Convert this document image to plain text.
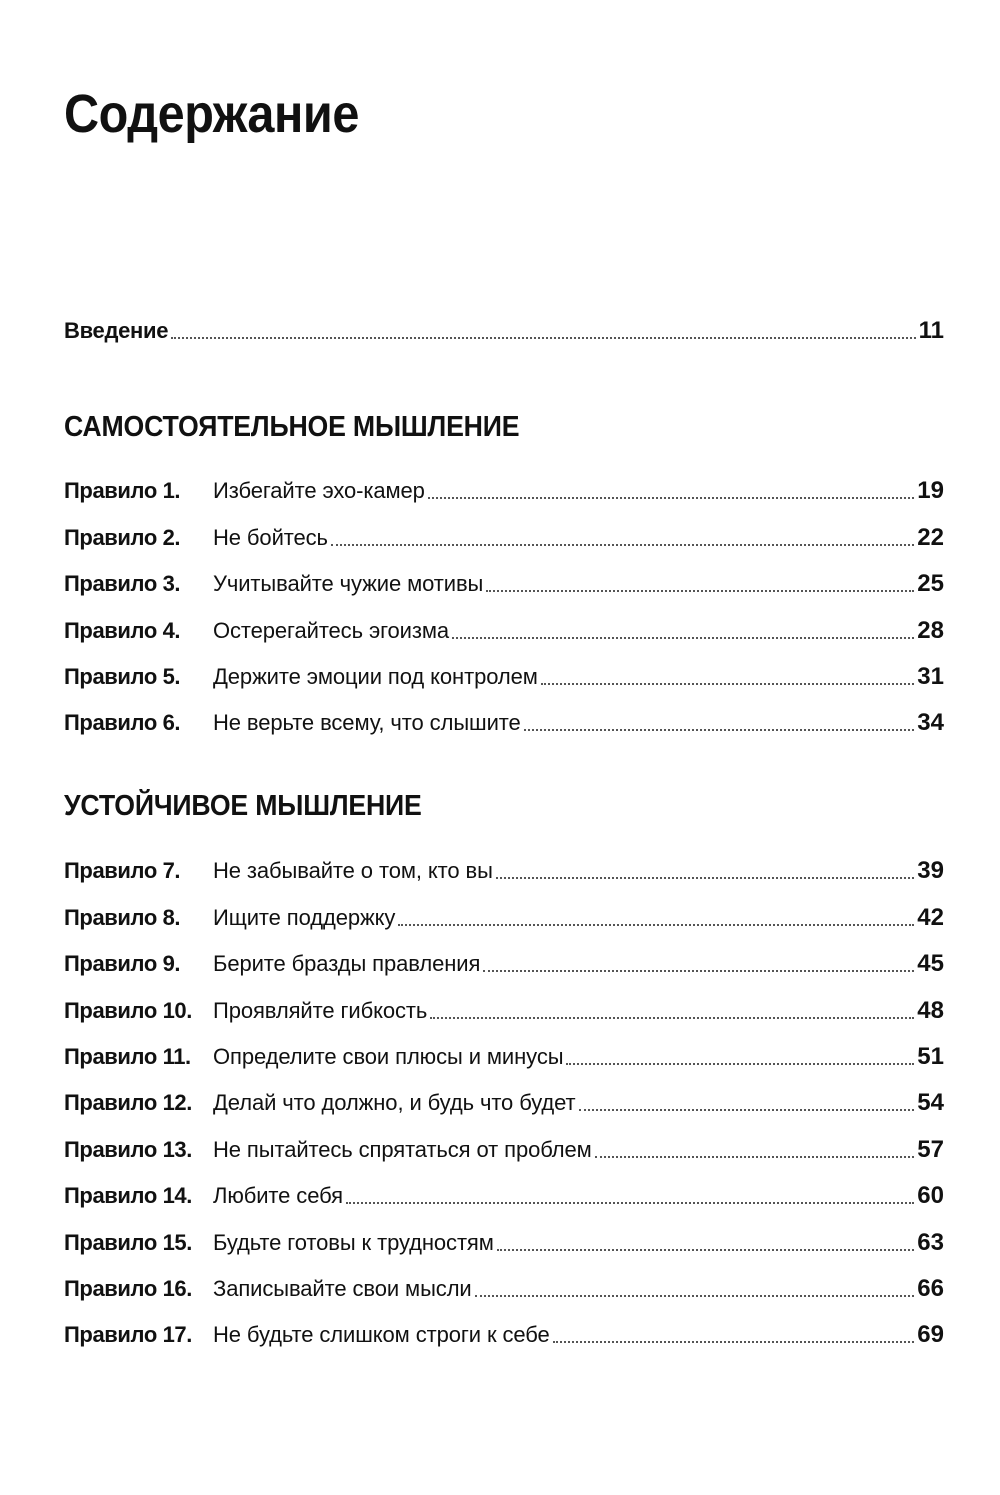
Содержание
Введение	11
САМОСТОЯТЕЛЬНОЕ МЫШЛЕНИЕ
Правило 1.	Избегайте эхо-камер	19
Правило 2.	Не бойтесь	22
Правило 3.	Учитывайте чужие мотивы	25
Правило 4.	Остерегайтесь эгоизма	28
Правило 5.	Держите эмоции под контролем	31
Правило 6.	Не верьте всему, что слышите	34
УСТОЙЧИВОЕ МЫШЛЕНИЕ
Правило 7.	Не забывайте о том, кто вы	39
Правило 8.	Ищите поддержку	42
Правило 9.	Берите бразды правления	45
Правило 10. Проявляйте гибкость	48
Правило 11.	Определите свои плюсы и минусы	51
Правило 12. Делай что должно, и будь что будет	54
Правило 13. Не пытайтесь спрятаться от проблем	57
Правило 14. Любите себя	60
Правило 15. Будьте готовы к трудностям	63
Правило 16. Записывайте свои мысли	66
Правило 17. Не будьте слишком строги к себе	69
